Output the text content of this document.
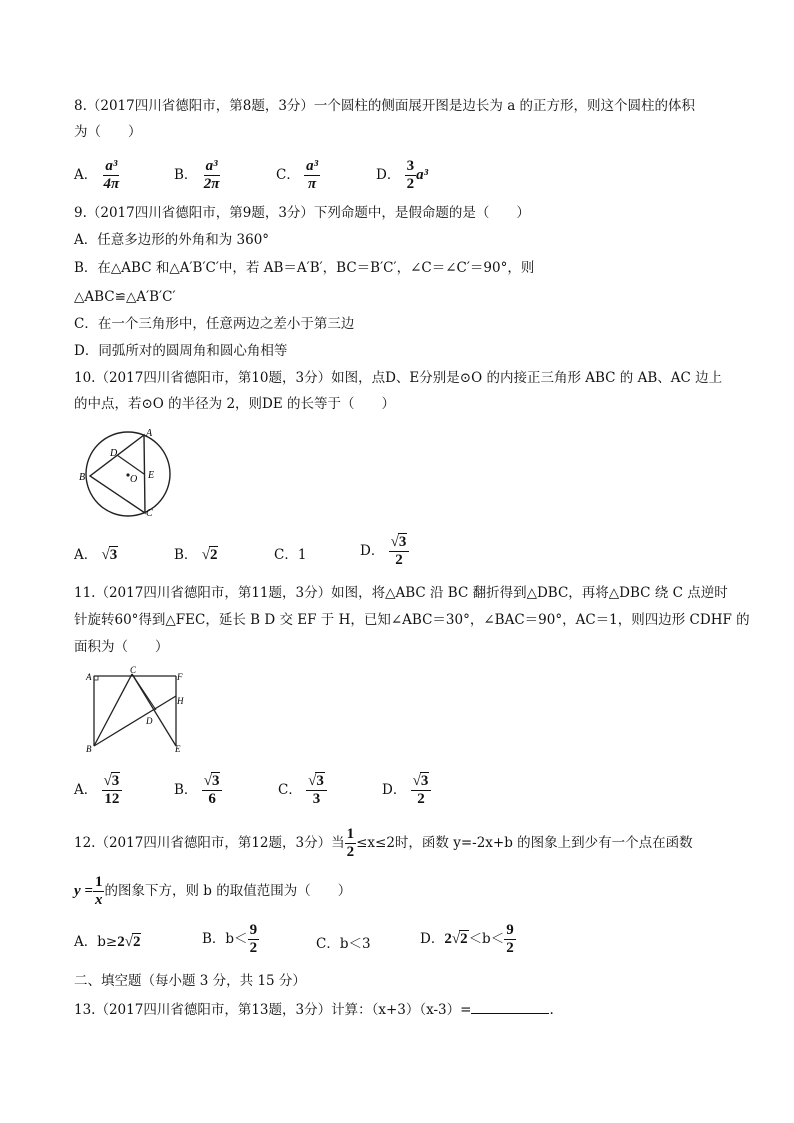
8.（2017四川省德阳市，第8题，3分）一个圆柱的侧面展开图是边长为 a 的正方形，则这个圆柱的体积
为（　　）
A． $\frac{\text{a³}}{4\pi}$	B． $\frac{\text{a³}}{2\pi}$	C． $\frac{\text{a³}}{\pi}$	D． $\frac{3}{2} a^3$
9.（2017四川省德阳市，第9题，3分）下列命题中，是假命题的是（　　）
A．任意多边形的外角和为 360°
B．在△ABC 和△A′B′C′中，若 AB＝A′B′，BC＝B′C′，∠C＝∠C′＝90°，则
△ABC≌△A′B′C′
C．在一个三角形中，任意两边之差小于第三边
D．同弧所对的圆周角和圆心角相等
10.（2017四川省德阳市，第10题，3分）如图，点D、E分别是⊙O 的内接正三角形 ABC 的 AB、AC 边上
的中点，若⊙O 的半径为 2，则DE 的长等于（　　）
A
D
E
B	O
C
A． √3	B． √2	C．1	D． $\frac{√3}{2}$
11.（2017四川省德阳市，第11题，3分）如图，将△ABC 沿 BC 翻折得到△DBC，再将△DBC 绕 C 点逆时
针旋转60°得到△FEC，延长 B D 交 EF 于 H，已知∠ABC＝30°，∠BAC＝90°，AC＝1，则四边形 CDHF 的
面积为（　　）
A
C
F
H
D
B	E
A． $\frac{√3}{12}$	B． $\frac{√3}{6}$	C． $\frac{√3}{3}$	D． $\frac{√3}{2}$
12.（2017四川省德阳市，第12题，3分）当 $\frac{1}{2} \le x\le 2$时，函数 y=-2x+b 的图象上到少有一个点在函数
$y = \frac{1}{x}$ 的图象下方，则 b 的取值范围为（　　）
A．b≥2√2	B．$b< \frac{9}{2}$	C．b＜3	D．$2√2<b< \frac{9}{2}$
二、填空题（每小题 3 分，共 15 分）
13.（2017四川省德阳市，第13题，3分）计算：（x+3）（x-3）=	.
